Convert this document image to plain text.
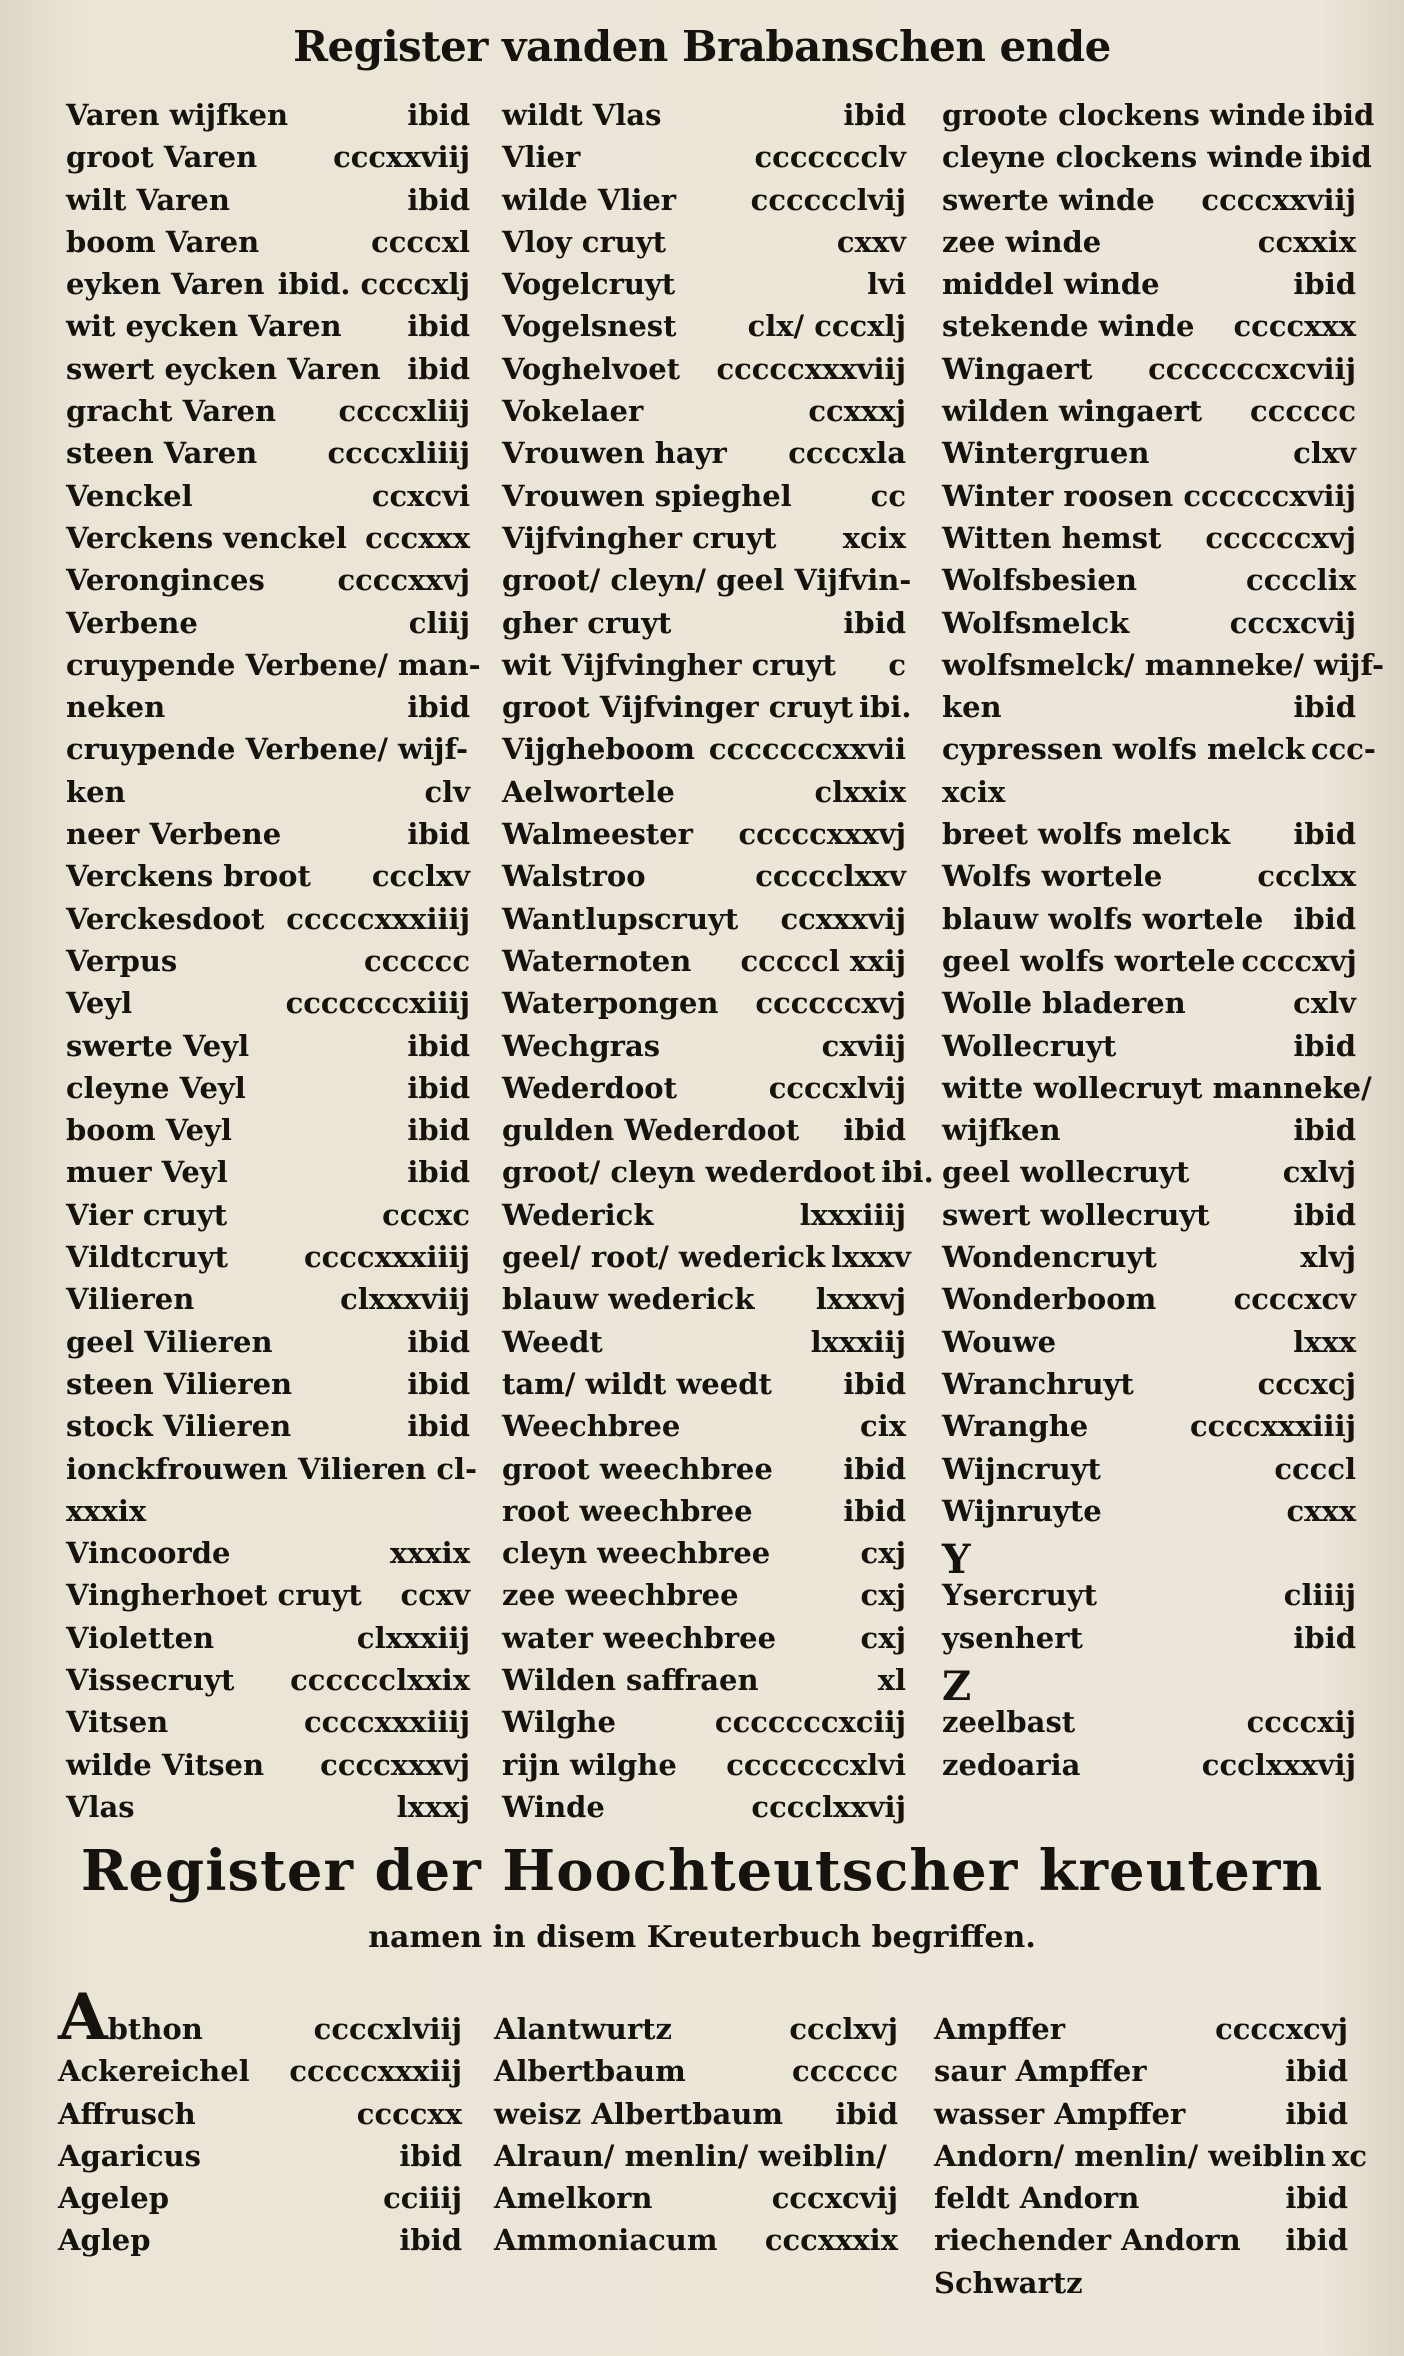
Register vanden Brabanschen ende
Varen wijfken	ibid
groot Varen	cccxxviij
wilt Varen	ibid
boom Varen	ccccxl
eyken Varen ibid. ccccxlj
wit eycken Varen	ibid
swert eycken Varen ibid
gracht Varen	ccccxliij
steen Varen	ccccxliiij
Venckel	ccxcvi
Verckens venckel cccxxx
Veronginces	ccccxxvj
Verbene	cliij
cruypende Verbene/ man-
neken	ibid
cruypende Verbene/ wijf-
ken	clv
neer Verbene	ibid
Verckens broot	ccclxv
Verckesdoot cccccxxxiiij
Verpus	cccccc
Veyl	cccccccxiiij
swerte Veyl	ibid
cleyne Veyl	ibid
boom Veyl	ibid
muer Veyl	ibid
Vier cruyt	cccxc
Vildtcruyt	ccccxxxiiij
Vilieren	clxxxviij
geel Vilieren	ibid
steen Vilieren	ibid
stock Vilieren	ibid
ionckfrouwen Vilieren cl-
xxxix
Vincoorde	xxxix
Vingherhoet cruyt	ccxv
Violetten	clxxxiij
Vissecruyt	cccccclxxix
Vitsen	ccccxxxiiij
wilde Vitsen	ccccxxxvj
Vlas	lxxxj
wildt Vlas	ibid
Vlier	ccccccclv
wilde Vlier	cccccclvij
Vloy cruyt	cxxv
Vogelcruyt	lvi
Vogelsnest	clx/ cccxlj
Voghelvoet	cccccxxxviij
Vokelaer	ccxxxj
Vrouwen hayr	ccccxla
Vrouwen spieghel	cc
Vijfvingher cruyt	xcix
groot/ cleyn/ geel Vijfvin-
gher cruyt	ibid
wit Vijfvingher cruyt	c
groot Vijfvinger cruyt ibi.
Vijgheboom cccccccxxvii
Aelwortele	clxxix
Walmeester	cccccxxxvj
Walstroo	ccccclxxv
Wantlupscruyt	ccxxxvij
Waternoten	cccccl xxij
Waterpongen	ccccccxvj
Wechgras	cxviij
Wederdoot	ccccxlvij
gulden Wederdoot	ibid
groot/ cleyn wederdoot ibi.
Wederick	lxxxiiij
geel/ root/ wederick lxxxv
blauw wederick	lxxxvj
Weedt	lxxxiij
tam/ wildt weedt	ibid
Weechbree	cix
groot weechbree	ibid
root weechbree	ibid
cleyn weechbree	cxj
zee weechbree	cxj
water weechbree	cxj
Wilden saffraen	xl
Wilghe	cccccccxciij
rijn wilghe	cccccccxlvi
Winde	cccclxxvij
groote clockens winde ibid
cleyne clockens winde ibid
swerte winde	ccccxxviij
zee winde	ccxxix
middel winde	ibid
stekende winde	ccccxxx
Wingaert	cccccccxcviij
wilden wingaert	cccccc
Wintergruen	clxv
Winter roosen ccccccxviij
Witten hemst	ccccccxvj
Wolfsbesien	cccclix
Wolfsmelck	cccxcvij
wolfsmelck/ manneke/ wijf-
ken	ibid
cypressen wolfs melck ccc-
xcix
breet wolfs melck	ibid
Wolfs wortele	ccclxx
blauw wolfs wortele	ibid
geel wolfs wortele ccccxvj
Wolle bladeren	cxlv
Wollecruyt	ibid
witte wollecruyt manneke/
wijfken	ibid
geel wollecruyt	cxlvj
swert wollecruyt	ibid
Wondencruyt	xlvj
Wonderboom	ccccxcv
Wouwe	lxxx
Wranchruyt	cccxcj
Wranghe	ccccxxxiiij
Wijncruyt	ccccl
Wijnruyte	cxxx
Y
Ysercruyt	cliiij
ysenhert	ibid
Z
zeelbast	ccccxij
zedoaria	ccclxxxvij
Register der Hoochteutscher kreutern
namen in disem Kreuterbuch begriffen.
Abthon	ccccxlviij
Ackereichel	cccccxxxiij
Affrusch	ccccxx
Agaricus	ibid
Agelep	cciiij
Aglep	ibid
Alantwurtz	ccclxvj
Albertbaum	cccccc
weisz Albertbaum	ibid
Alraun/ menlin/ weiblin/
Amelkorn	cccxcvij
Ammoniacum	cccxxxix
Ampffer	ccccxcvj
saur Ampffer	ibid
wasser Ampffer	ibid
Andorn/ menlin/ weiblin xc
feldt Andorn	ibid
riechender Andorn	ibid
Schwartz
